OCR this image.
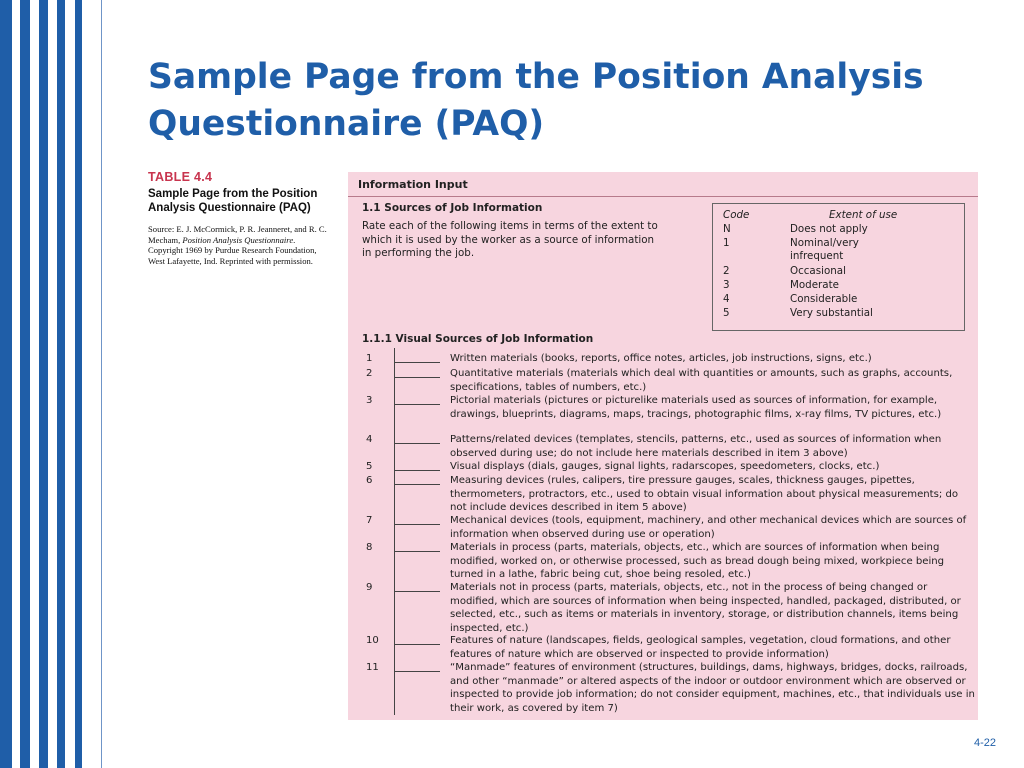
Sample Page from the Position Analysis Questionnaire (PAQ)
TABLE 4.4
Sample Page from the Position Analysis Questionnaire (PAQ)
Source: E. J. McCormick, P. R. Jeanneret, and R. C. Mecham, Position Analysis Questionnaire. Copyright 1969 by Purdue Research Foundation, West Lafayette, Ind. Reprinted with permission.
Information Input
1.1 Sources of Job Information
Rate each of the following items in terms of the extent to which it is used by the worker as a source of information in performing the job.
Code	Extent of use
N	Does not apply
1	Nominal/very infrequent
2	Occasional
3	Moderate
4	Considerable
5	Very substantial
1.1.1 Visual Sources of Job Information
1	Written materials (books, reports, office notes, articles, job instructions, signs, etc.)
2	Quantitative materials (materials which deal with quantities or amounts, such as graphs, accounts, specifications, tables of numbers, etc.)
3	Pictorial materials (pictures or picturelike materials used as sources of information, for example, drawings, blueprints, diagrams, maps, tracings, photographic films, x-ray films, TV pictures, etc.)
4	Patterns/related devices (templates, stencils, patterns, etc., used as sources of information when observed during use; do not include here materials described in item 3 above)
5	Visual displays (dials, gauges, signal lights, radarscopes, speedometers, clocks, etc.)
6	Measuring devices (rules, calipers, tire pressure gauges, scales, thickness gauges, pipettes, thermometers, protractors, etc., used to obtain visual information about physical measurements; do not include devices described in item 5 above)
7	Mechanical devices (tools, equipment, machinery, and other mechanical devices which are sources of information when observed during use or operation)
8	Materials in process (parts, materials, objects, etc., which are sources of information when being modified, worked on, or otherwise processed, such as bread dough being mixed, workpiece being turned in a lathe, fabric being cut, shoe being resoled, etc.)
9	Materials not in process (parts, materials, objects, etc., not in the process of being changed or modified, which are sources of information when being inspected, handled, packaged, distributed, or selected, etc., such as items or materials in inventory, storage, or distribution channels, items being inspected, etc.)
10	Features of nature (landscapes, fields, geological samples, vegetation, cloud formations, and other features of nature which are observed or inspected to provide information)
11	“Manmade” features of environment (structures, buildings, dams, highways, bridges, docks, railroads, and other “manmade” or altered aspects of the indoor or outdoor environment which are observed or inspected to provide job information; do not consider equipment, machines, etc., that individuals use in their work, as covered by item 7)
4-22
